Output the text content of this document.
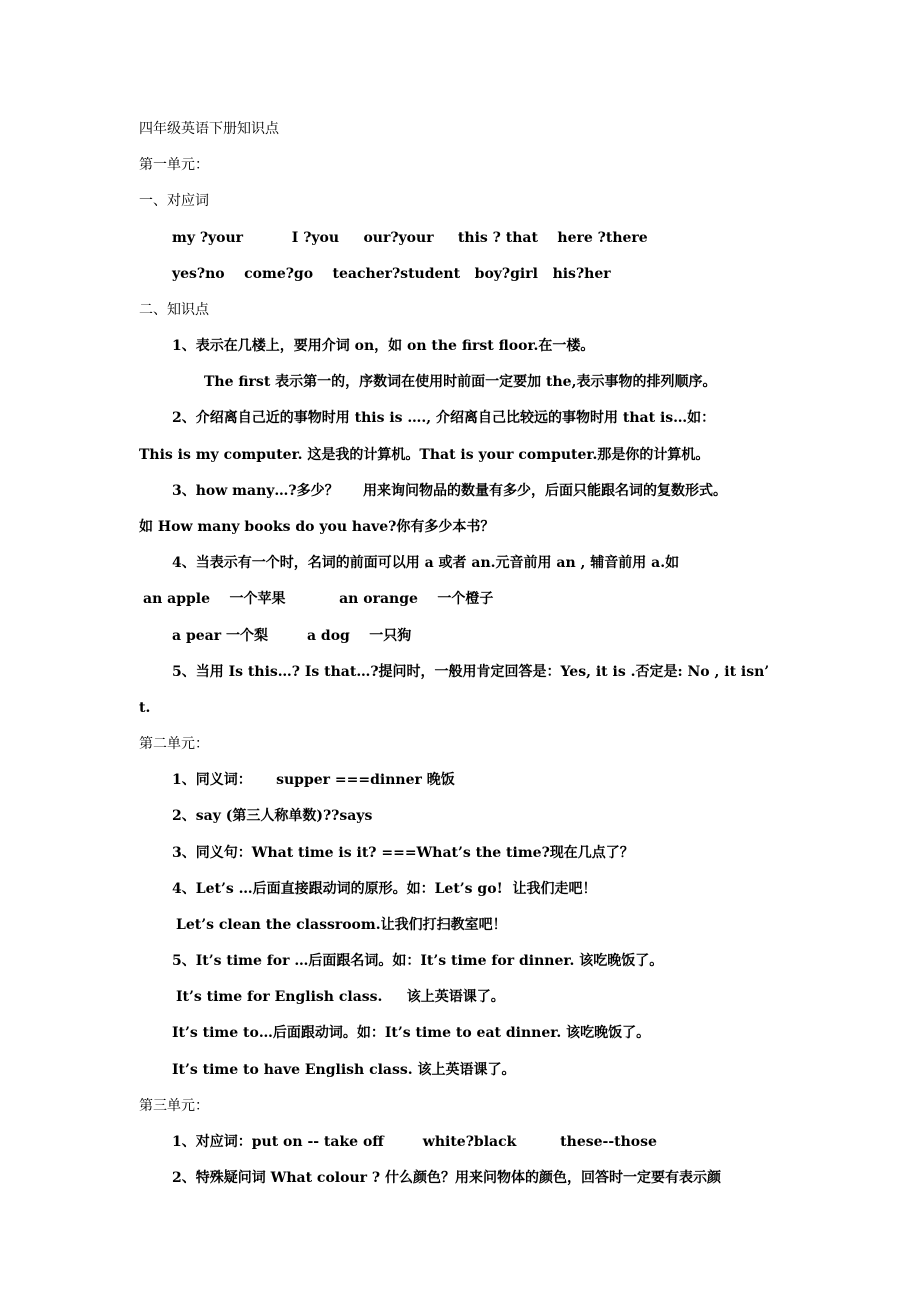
四年级英语下册知识点
第一单元：
一、对应词
my ?your          I ?you     our?your     this ? that    here ?there
yes?no    come?go    teacher?student   boy?girl   his?her
二、知识点
1、表示在几楼上，要用介词 on，如 on the first floor.在一楼。
The first 表示第一的，序数词在使用时前面一定要加 the,表示事物的排列顺序。
2、介绍离自己近的事物时用 this is …., 介绍离自己比较远的事物时用 that is…如：
This is my computer. 这是我的计算机。That is your computer.那是你的计算机。
3、how many…?多少？     用来询问物品的数量有多少，后面只能跟名词的复数形式。
如 How many books do you have?你有多少本书？
4、当表示有一个时，名词的前面可以用 a 或者 an.元音前用 an , 辅音前用 a.如
an apple    一个苹果           an orange    一个橙子
a pear 一个梨        a dog    一只狗
5、当用 Is this…? Is that…?提问时，一般用肯定回答是：Yes, it is .否定是: No , it isn’
t.
第二单元：
1、同义词：     supper ===dinner 晚饭
2、say (第三人称单数)??says
3、同义句：What time is it? ===What’s the time?现在几点了？
4、Let’s …后面直接跟动词的原形。如：Let’s go!  让我们走吧！
Let’s clean the classroom.让我们打扫教室吧！
5、It’s time for …后面跟名词。如：It’s time for dinner. 该吃晚饭了。
It’s time for English class.     该上英语课了。
It’s time to…后面跟动词。如：It’s time to eat dinner. 该吃晚饭了。
It’s time to have English class. 该上英语课了。
第三单元：
1、对应词：put on -- take off        white?black         these--those
2、特殊疑问词 What colour ? 什么颜色？用来问物体的颜色，回答时一定要有表示颜
